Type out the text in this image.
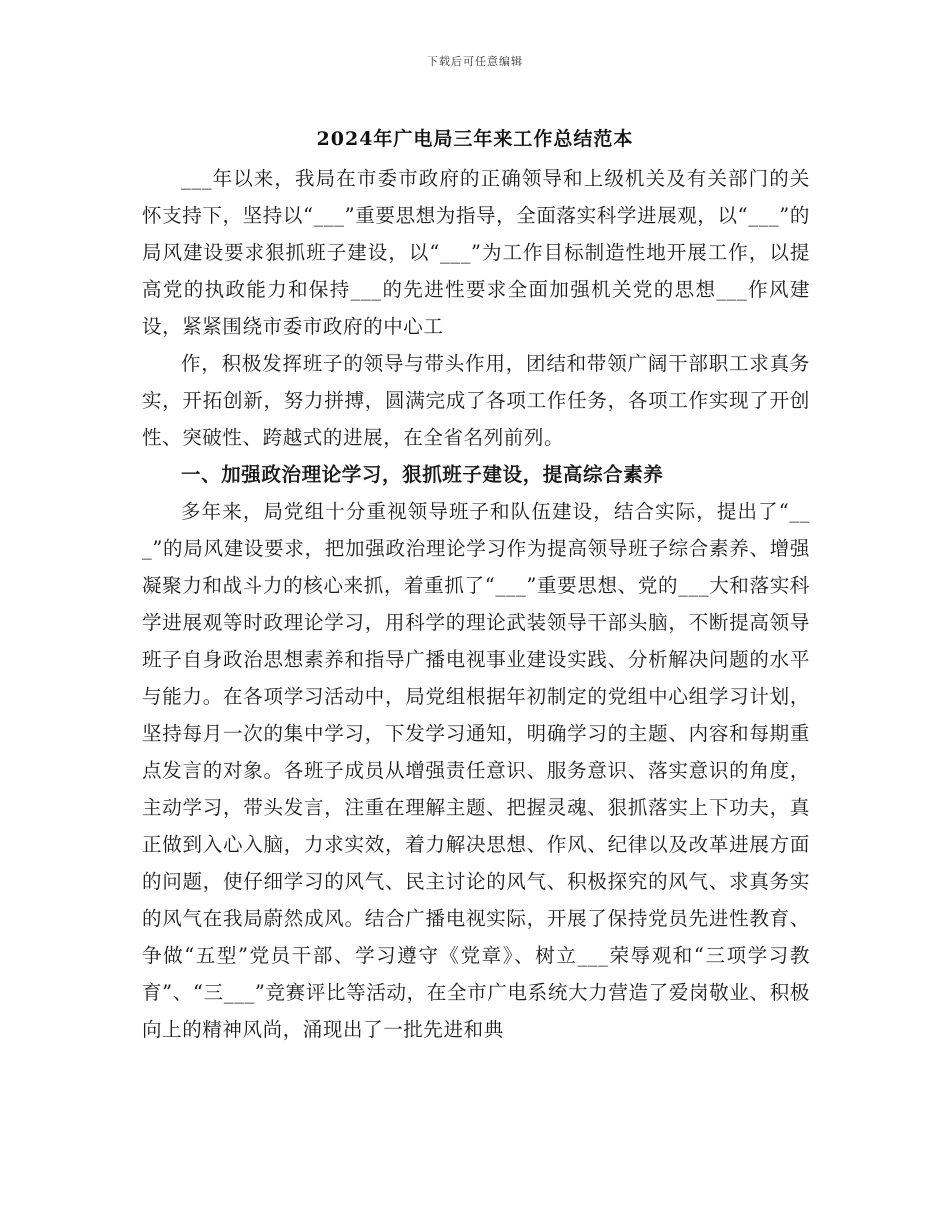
下载后可任意编辑
2024年广电局三年来工作总结范本

___年以来，我局在市委市政府的正确领导和上级机关及有关部门的关怀支持下，坚持以“___”重要思想为指导，全面落实科学进展观，以“___”的局风建设要求狠抓班子建设，以“___”为工作目标制造性地开展工作，以提高党的执政能力和保持___的先进性要求全面加强机关党的思想___作风建设，紧紧围绕市委市政府的中心工

作，积极发挥班子的领导与带头作用，团结和带领广阔干部职工求真务实，开拓创新，努力拼搏，圆满完成了各项工作任务，各项工作实现了开创性、突破性、跨越式的进展，在全省名列前列。

一、加强政治理论学习，狠抓班子建设，提高综合素养

多年来，局党组十分重视领导班子和队伍建设，结合实际，提出了“___”的局风建设要求，把加强政治理论学习作为提高领导班子综合素养、增强凝聚力和战斗力的核心来抓，着重抓了“___”重要思想、党的___大和落实科学进展观等时政理论学习，用科学的理论武装领导干部头脑，不断提高领导班子自身政治思想素养和指导广播电视事业建设实践、分析解决问题的水平与能力。在各项学习活动中，局党组根据年初制定的党组中心组学习计划，坚持每月一次的集中学习，下发学习通知，明确学习的主题、内容和每期重点发言的对象。各班子成员从增强责任意识、服务意识、落实意识的角度，主动学习，带头发言，注重在理解主题、把握灵魂、狠抓落实上下功夫，真正做到入心入脑，力求实效，着力解决思想、作风、纪律以及改革进展方面的问题，使仔细学习的风气、民主讨论的风气、积极探究的风气、求真务实的风气在我局蔚然成风。结合广播电视实际，开展了保持党员先进性教育、争做“五型”党员干部、学习遵守《党章》、树立___荣辱观和“三项学习教育”、“三___”竞赛评比等活动，在全市广电系统大力营造了爱岗敬业、积极向上的精神风尚，涌现出了一批先进和典
